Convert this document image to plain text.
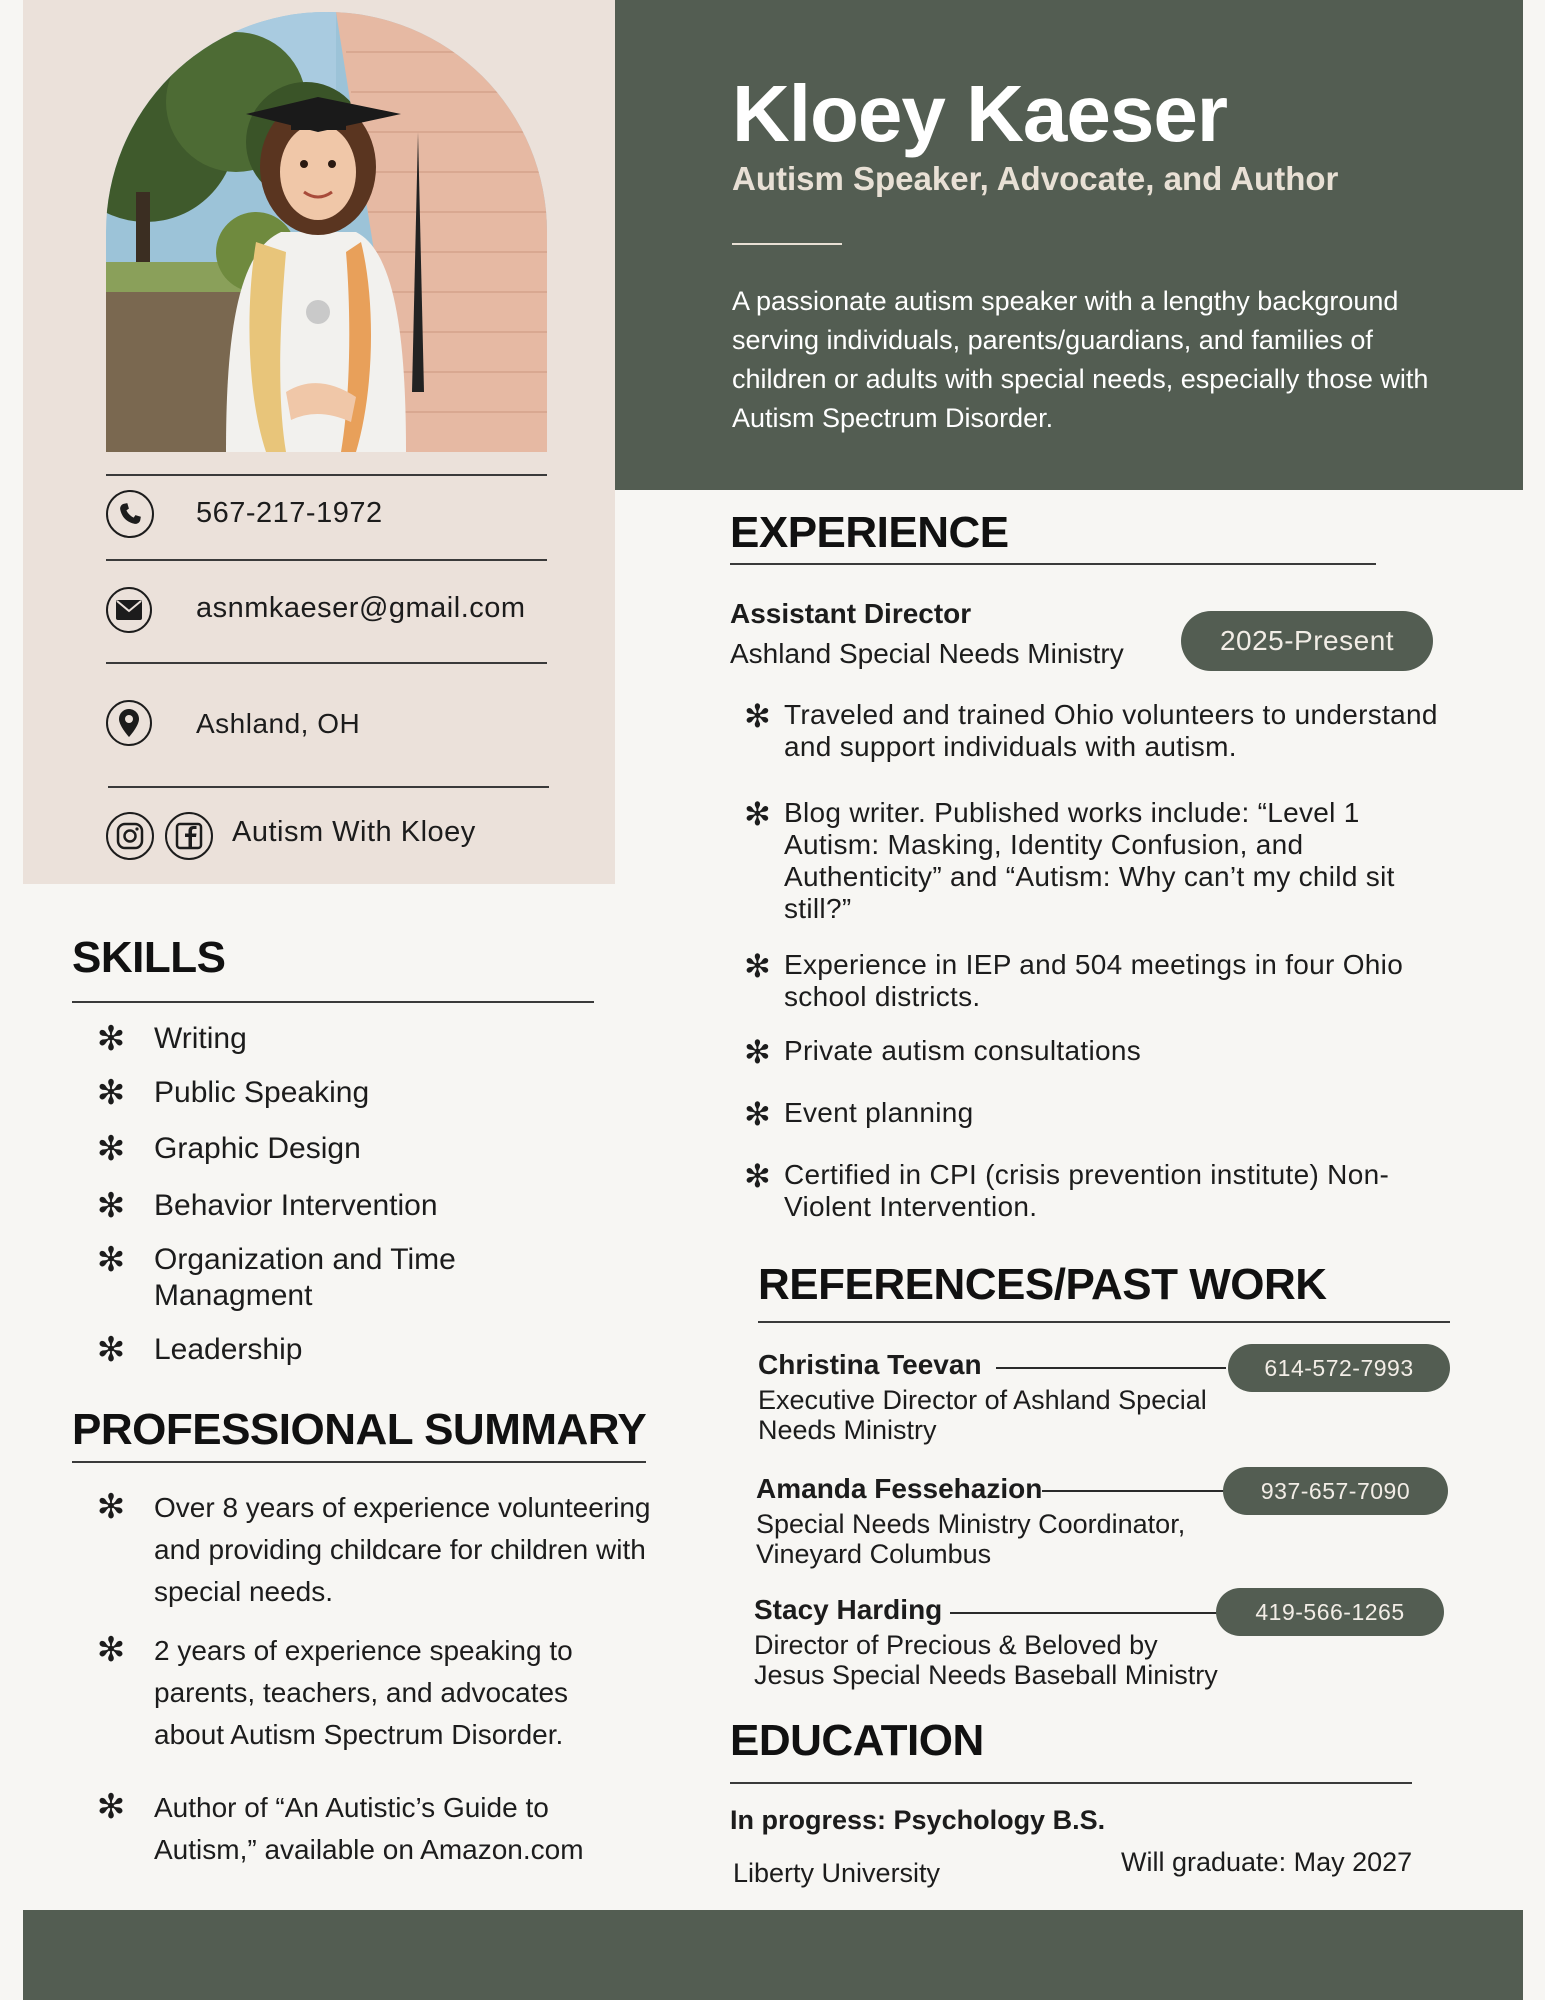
567-217-1972
asnmkaeser@gmail.com
Ashland, OH
Autism With Kloey
Kloey Kaeser
Autism Speaker, Advocate, and Author
A passionate autism speaker with a lengthy background serving individuals, parents/guardians, and families of children or adults with special needs, especially those with Autism Spectrum Disorder.
SKILLS
✻ Writing
✻ Public Speaking
✻ Graphic Design
✻ Behavior Intervention
✻ Organization and Time Managment
✻ Leadership
PROFESSIONAL SUMMARY
✻	Over 8 years of experience volunteering and providing childcare for children with special needs.
✻	2 years of experience speaking to parents, teachers, and advocates about Autism Spectrum Disorder.
✻	Author of “An Autistic’s Guide to Autism,” available on Amazon.com
EXPERIENCE
Assistant Director
Ashland Special Needs Ministry	2025-Present
✻ Traveled and trained Ohio volunteers to understand and support individuals with autism.
✻ Blog writer. Published works include: “Level 1 Autism: Masking, Identity Confusion, and Authenticity” and “Autism: Why can’t my child sit still?”
✻ Experience in IEP and 504 meetings in four Ohio school districts.
✻ Private autism consultations
✻ Event planning
✻ Certified in CPI (crisis prevention institute) Non-Violent Intervention.
REFERENCES/PAST WORK
Christina Teevan	614-572-7993
Executive Director of Ashland Special Needs Ministry
Amanda Fessehazion	937-657-7090
Special Needs Ministry Coordinator, Vineyard Columbus
Stacy Harding	419-566-1265
Director of Precious & Beloved by Jesus Special Needs Baseball Ministry
EDUCATION
In progress: Psychology B.S.
Liberty University	Will graduate: May 2027
